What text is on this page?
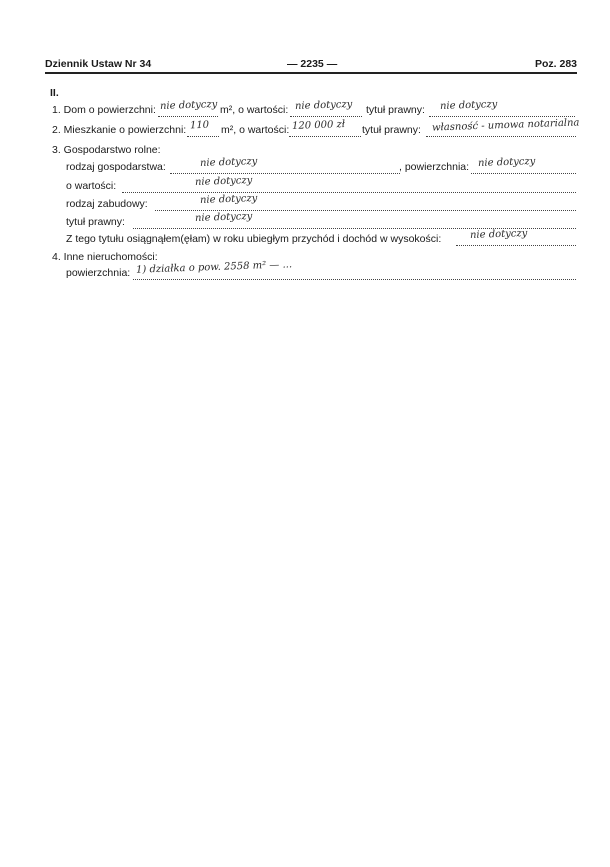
Dziennik Ustaw Nr 34	— 2235 —	Poz. 283
II.
1. Dom o powierzchni: nie dotyczy m², o wartości: nie dotyczy tytuł prawny: nie dotyczy
2. Mieszkanie o powierzchni: 110 m², o wartości: 120 000 zł tytuł prawny: własność - umowa notarialna
3. Gospodarstwo rolne:
rodzaj gospodarstwa:	nie dotyczy	, powierzchnia: nie dotyczy
o wartości:	nie dotyczy
rodzaj zabudowy:	nie dotyczy
tytuł prawny:	nie dotyczy
Z tego tytułu osiągnąłem(ęłam) w roku ubiegłym przychód i dochód w wysokości:	nie dotyczy
4. Inne nieruchomości:
powierzchnia: 1) działka o pow. 2558 m² — ...
